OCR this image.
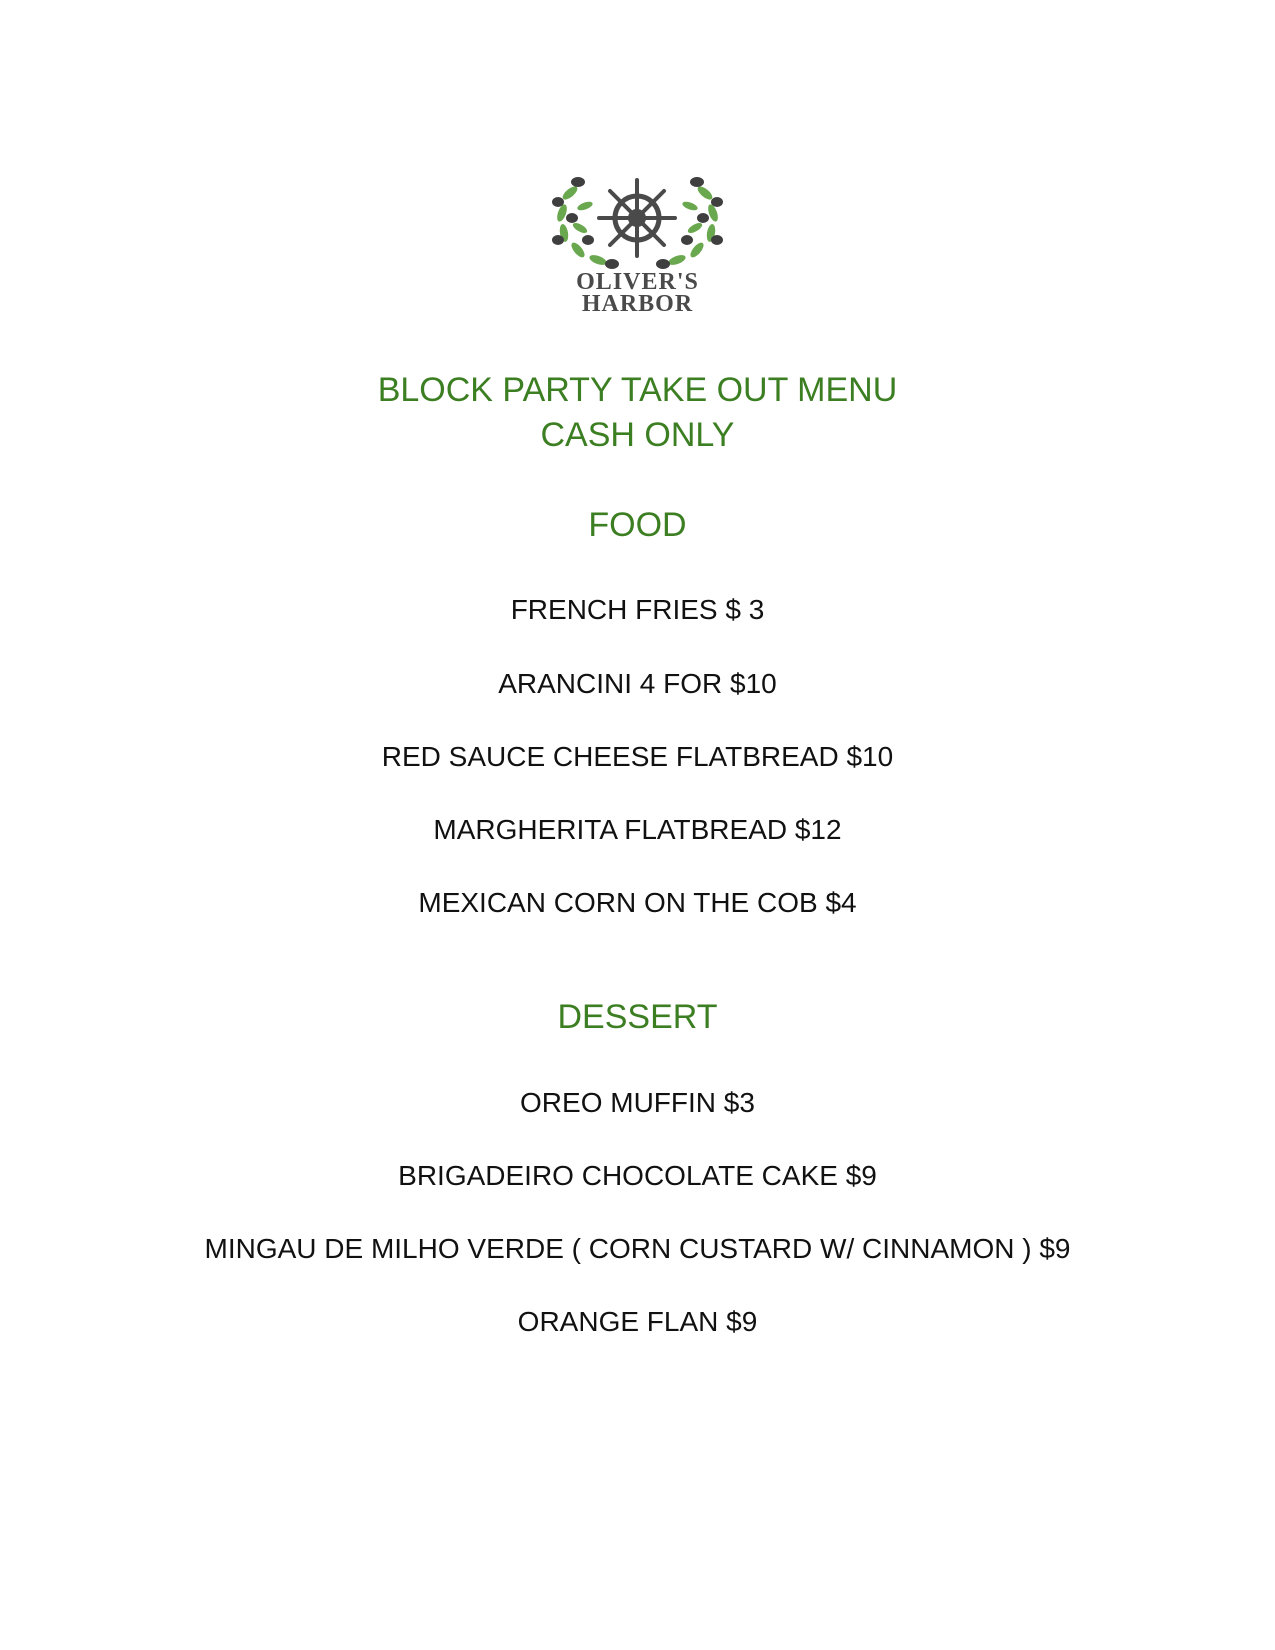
OLIVER'S
HARBOR
BLOCK PARTY TAKE OUT MENU
CASH ONLY
FOOD
FRENCH FRIES $ 3
ARANCINI 4 FOR $10
RED SAUCE CHEESE FLATBREAD $10
MARGHERITA FLATBREAD $12
MEXICAN CORN ON THE COB $4
DESSERT
OREO MUFFIN $3
BRIGADEIRO CHOCOLATE CAKE $9
MINGAU DE MILHO VERDE ( CORN CUSTARD W/ CINNAMON ) $9
ORANGE FLAN $9
